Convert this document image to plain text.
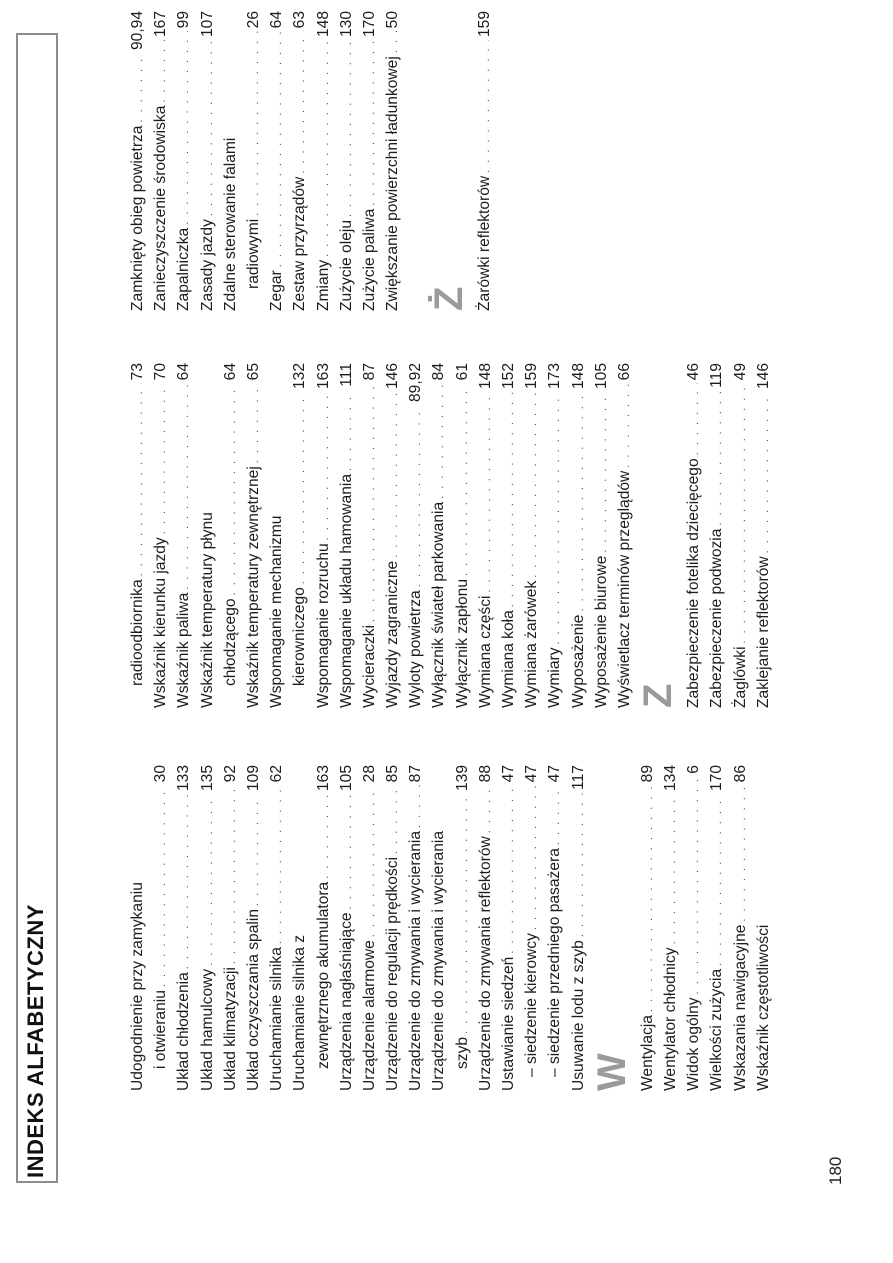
INDEKS ALFABETYCZNY	Udogodnienie przy zamykaniu i otwieraniu
. . .
30
Układ chłodzenia
. . .
133
Układ hamulcowy
. . .
135
Układ klimatyzacji
. . .
92
Układ oczyszczania spalin
. . .
109
Uruchamianie silnika
. . .
62
Uruchamianie silnika z zewnętrznego akumulatora
. . .
163
Urządzenia nagłaśniające
. . .
105
Urządzenie alarmowe
. . .
28
Urządzenie do regulacji prędkości
. . .
85
Urządzenie do zmywania i wycierania
. . .
87
Urządzenie do zmywania i wycierania szyb
. . .
139
Urządzenie do zmywania reflektorów
. . .
88
Ustawianie siedzeń
. . .
47
– siedzenie kierowcy
. . .
47
– siedzenie przedniego pasażera
. . .
47
Usuwanie lodu z szyb
. . .
117
W Wentylacja
. . .
89
Wentylator chłodnicy
. . .
134
Widok ogólny
. . .
6
Wielkości zużycia
. . .
170
Wskazania nawigacyjne
. . .
86
Wskaźnik częstotliwości
radioodbiornika
. . .
73
Wskaźnik kierunku jazdy
. . .
70
Wskaźnik paliwa
. . .
64
Wskaźnik temperatury płynu chłodzącego
. . .
64
Wskaźnik temperatury zewnętrznej
. . .
65
Wspomaganie mechanizmu kierowniczego
. . .
132
Wspomaganie rozruchu
. . .
163
Wspomaganie układu hamowania
. . .
111
Wycieraczki
. . .
87
Wyjazdy zagraniczne
. . .
146
Wyloty powietrza
. . .
89,92
Wyłącznik świateł parkowania
. . .
84
Wyłącznik zapłonu
. . .
61
Wymiana części
. . .
148
Wymiana koła
. . .
152
Wymiana żarówek
. . .
159
Wymiary
. . .
173
Wyposażenie
. . .
148
Wyposażenie biurowe
. . .
105
Wyświetlacz terminów przeglądów
. . .
66
Z Zabezpieczenie fotelika dziecięcego
. . .
46
Zabezpieczenie podwozia
. . .
119
Żaglówki
. . .
49
Zaklejanie reflektorów
. . .
146
Zamknięty obieg powietrza
. . .
90,94
Zanieczyszczenie środowiska
. . .
167
Zapalniczka
. . .
99
Zasady jazdy
. . .
107
Zdalne sterowanie falami radiowymi
. . .
26
Zegar
. . .
64
Zestaw przyrządów
. . .
63
Zmiany
. . .
148
Zużycie oleju
. . .
130
Zużycie paliwa
. . .
170
Zwiększanie powierzchni ładunkowej
. . .
50
Ż Żarówki reflektorów
. . .
159
180
